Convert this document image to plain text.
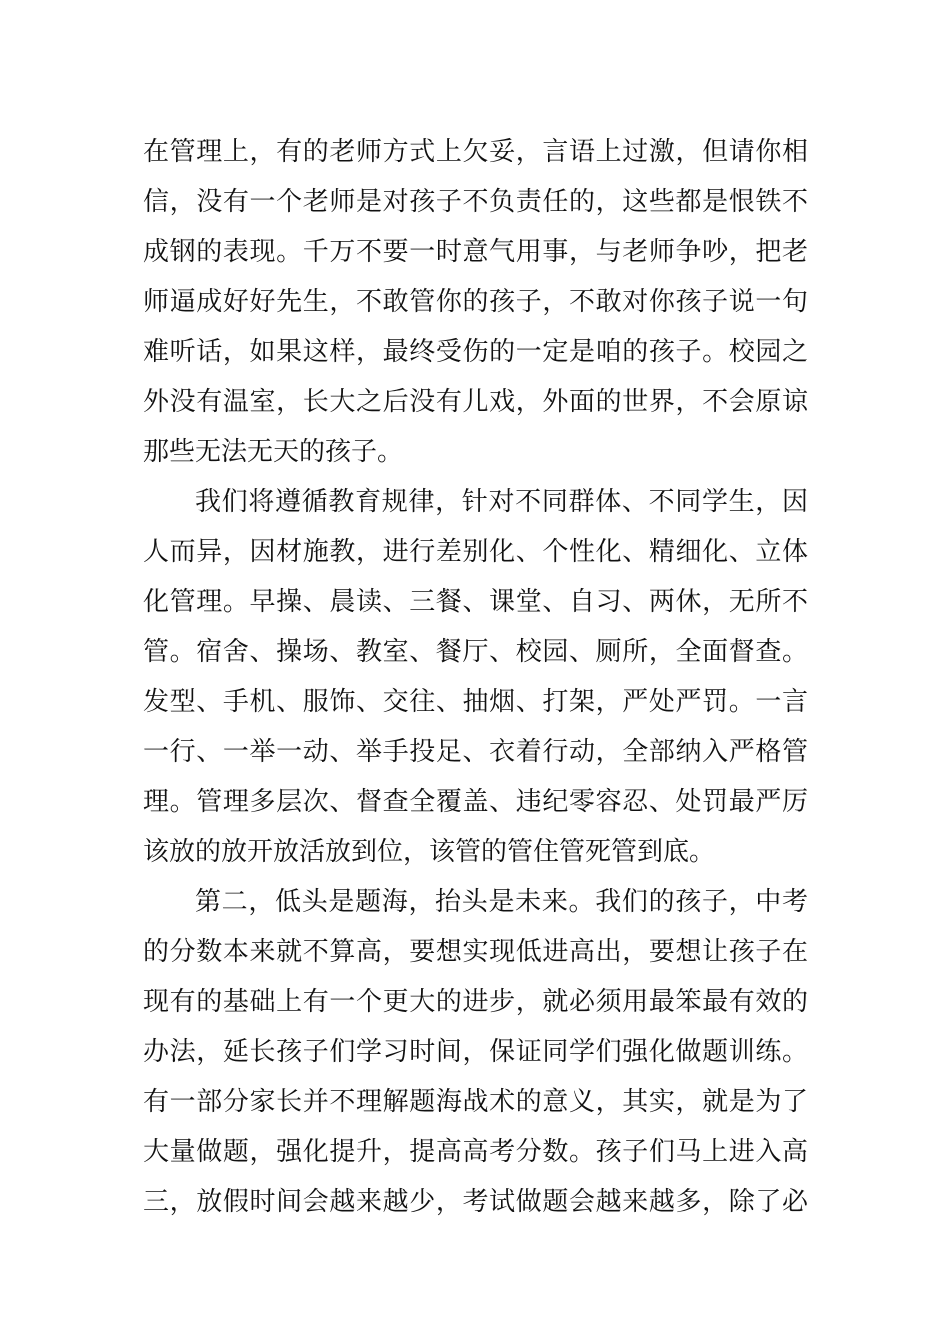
在管理上，有的老师方式上欠妥，言语上过激，但请你相
信，没有一个老师是对孩子不负责任的，这些都是恨铁不
成钢的表现。千万不要一时意气用事，与老师争吵，把老
师逼成好好先生，不敢管你的孩子，不敢对你孩子说一句
难听话，如果这样，最终受伤的一定是咱的孩子。校园之
外没有温室，长大之后没有儿戏，外面的世界，不会原谅
那些无法无天的孩子。
我们将遵循教育规律，针对不同群体、不同学生，因
人而异，因材施教，进行差别化、个性化、精细化、立体
化管理。早操、晨读、三餐、课堂、自习、两休，无所不
管。宿舍、操场、教室、餐厅、校园、厕所，全面督查。
发型、手机、服饰、交往、抽烟、打架，严处严罚。一言
一行、一举一动、举手投足、衣着行动，全部纳入严格管
理。管理多层次、督查全覆盖、违纪零容忍、处罚最严厉
该放的放开放活放到位，该管的管住管死管到底。
第二，低头是题海，抬头是未来。我们的孩子，中考
的分数本来就不算高，要想实现低进高出，要想让孩子在
现有的基础上有一个更大的进步，就必须用最笨最有效的
办法，延长孩子们学习时间，保证同学们强化做题训练。
有一部分家长并不理解题海战术的意义，其实，就是为了
大量做题，强化提升，提高高考分数。孩子们马上进入高
三，放假时间会越来越少，考试做题会越来越多，除了必
